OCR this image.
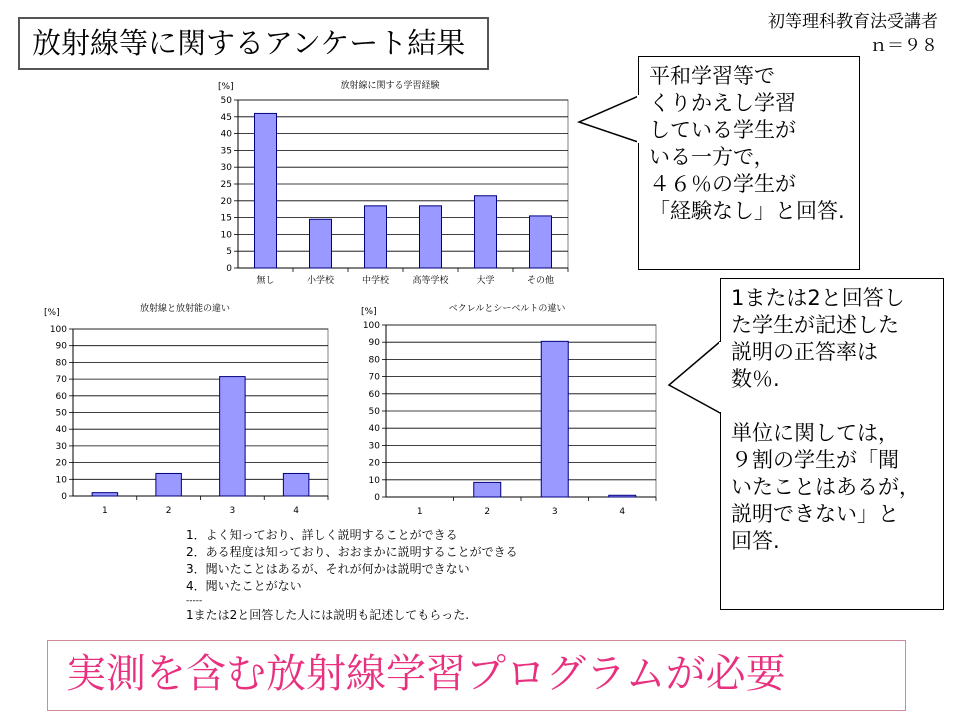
放射線等に関するアンケート結果
初等理科教育法受講者
ｎ＝９８
0
5
10
15
20
25
30
35
40
45
50
無し	小学校	中学校	高等学校	大学	その他
放射線に関する学習経験
[%]
0
10
20
30
40
50
60
70
80
90
100
1	2	3	4
放射線と放射能の違い
[%]
0
10
20
30
40
50
60
70
80
90
100
1	2	3	4
ベクレルとシーベルトの違い
[%]
平和学習等で
くりかえし学習
している学生が
いる一方で，
４６％の学生が
「経験なし」と回答.
1または2と回答し
た学生が記述した
説明の正答率は
数％.
単位に関しては，
９割の学生が「聞
いたことはあるが，
説明できない」と
回答.
1．よく知っており、詳しく説明することができる
2．ある程度は知っており、おおまかに説明することができる
3．聞いたことはあるが、それが何かは説明できない
4．聞いたことがない
-----
1または2と回答した人には説明も記述してもらった.
実測を含む放射線学習プログラムが必要
